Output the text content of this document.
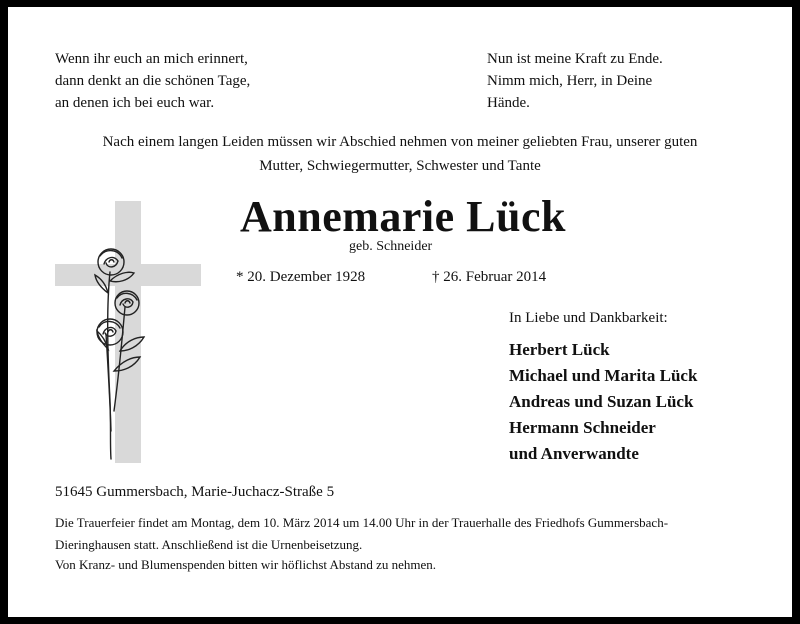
Wenn ihr euch an mich erinnert,
dann denkt an die schönen Tage,
an denen ich bei euch war.
Nun ist meine Kraft zu Ende.
Nimm mich, Herr, in Deine
Hände.
Nach einem langen Leiden müssen wir Abschied nehmen von meiner geliebten Frau, unserer guten
Mutter, Schwiegermutter, Schwester und Tante
Annemarie Lück
geb. Schneider
* 20. Dezember 1928	† 26. Februar 2014
In Liebe und Dankbarkeit:
Herbert Lück
Michael und Marita Lück
Andreas und Suzan Lück
Hermann Schneider
und Anverwandte
51645 Gummersbach, Marie-Juchacz-Straße 5
Die Trauerfeier findet am Montag, dem 10. März 2014 um 14.00 Uhr in der Trauerhalle des Friedhofs Gummersbach-
Dieringhausen statt. Anschließend ist die Urnenbeisetzung.
Von Kranz- und Blumenspenden bitten wir höflichst Abstand zu nehmen.
